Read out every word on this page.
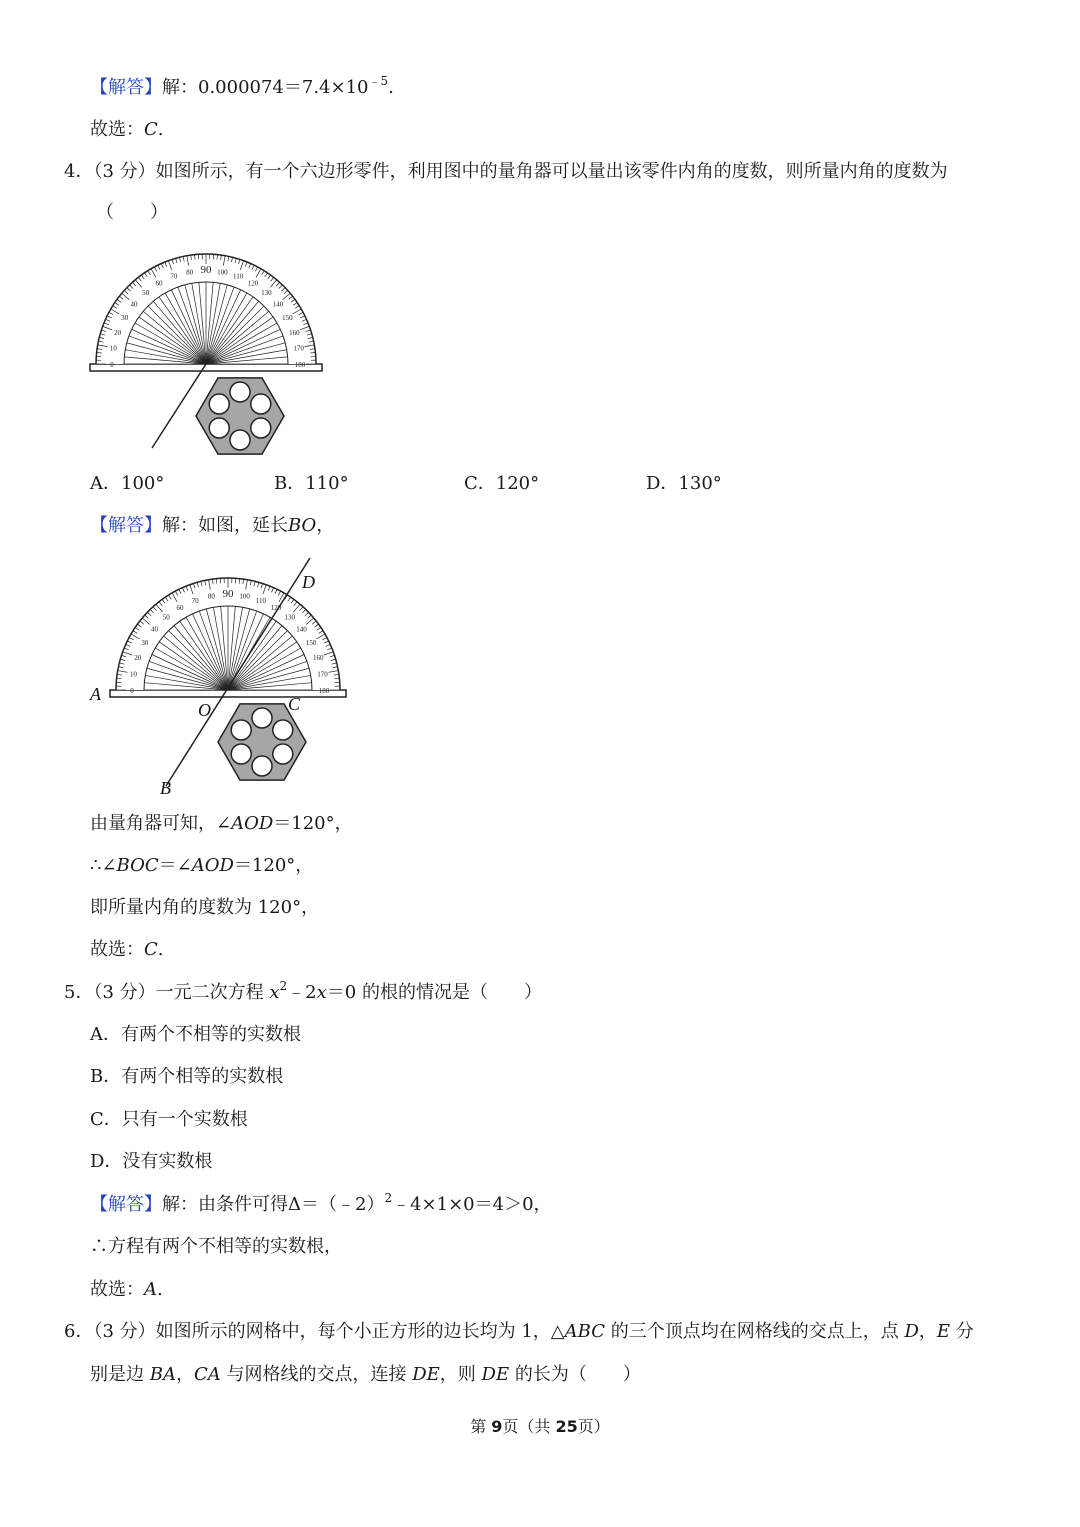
【解答】解：$0.000074=7.4\times 10^{﹣5}$.
故选：C.
4．（3 分）如图所示，有一个六边形零件，利用图中的量角器可以量出该零件内角的度数，则所量内角的度数为
（　　）
0
10
20
30
40
50
60
70
80 90 100
110
120
130
140
150
160
170
180
A．100°	B．110°	C．120°	D．130°
【解答】解：如图，延长BO，
0
10
20
30
40
50
60
70
80 90 100
110
120
130
140
150
160
170
180
A
O	C
D
B
由量角器可知，∠AOD＝120°，
∴∠BOC＝∠AOD＝120°，
即所量内角的度数为 120°，
故选：C.
5．（3 分）一元二次方程 $x^2﹣2x=0$ 的根的情况是（　　）
A．有两个不相等的实数根
B．有两个相等的实数根
C．只有一个实数根
D．没有实数根
【解答】解：由条件可得Δ＝（﹣2）$^2$﹣4×1×0＝4＞0，
∴方程有两个不相等的实数根，
故选：A.
6．（3 分）如图所示的网格中，每个小正方形的边长均为 1，△ABC 的三个顶点均在网格线的交点上，点 D，E 分
别是边 BA，CA 与网格线的交点，连接 DE，则 DE 的长为（　　）
第 9页（共 25页）
